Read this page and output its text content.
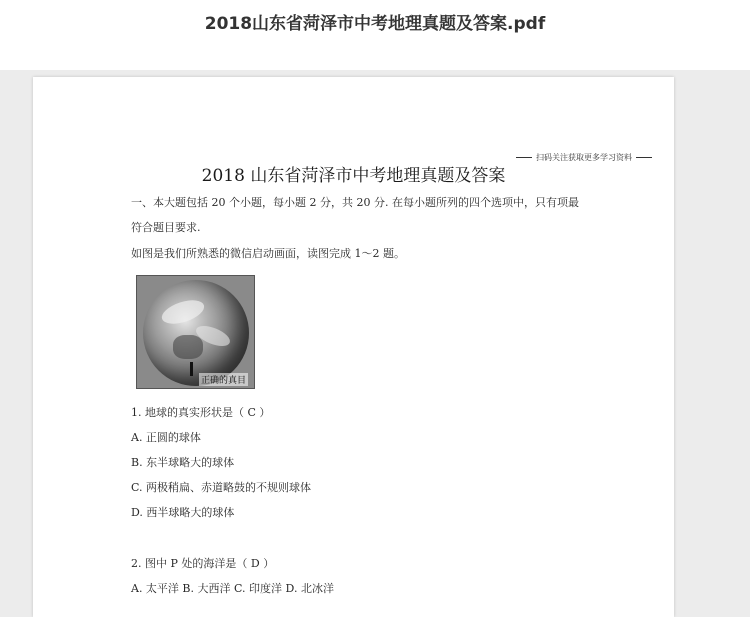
2018山东省菏泽市中考地理真题及答案.pdf
扫码关注获取更多学习资料
2018 山东省菏泽市中考地理真题及答案
一、本大题包括 20 个小题，每小题 2 分，共 20 分. 在每小题所列的四个选项中，只有项最
符合题目要求.
如图是我们所熟悉的微信启动画面，读图完成 1～2 题。
正确的真目
1. 地球的真实形状是（ C ）
A. 正圆的球体
B. 东半球略大的球体
C. 两极稍扁、赤道略鼓的不规则球体
D. 西半球略大的球体
2. 图中 P 处的海洋是（ D ）
A. 太平洋 B. 大西洋 C. 印度洋 D. 北冰洋
